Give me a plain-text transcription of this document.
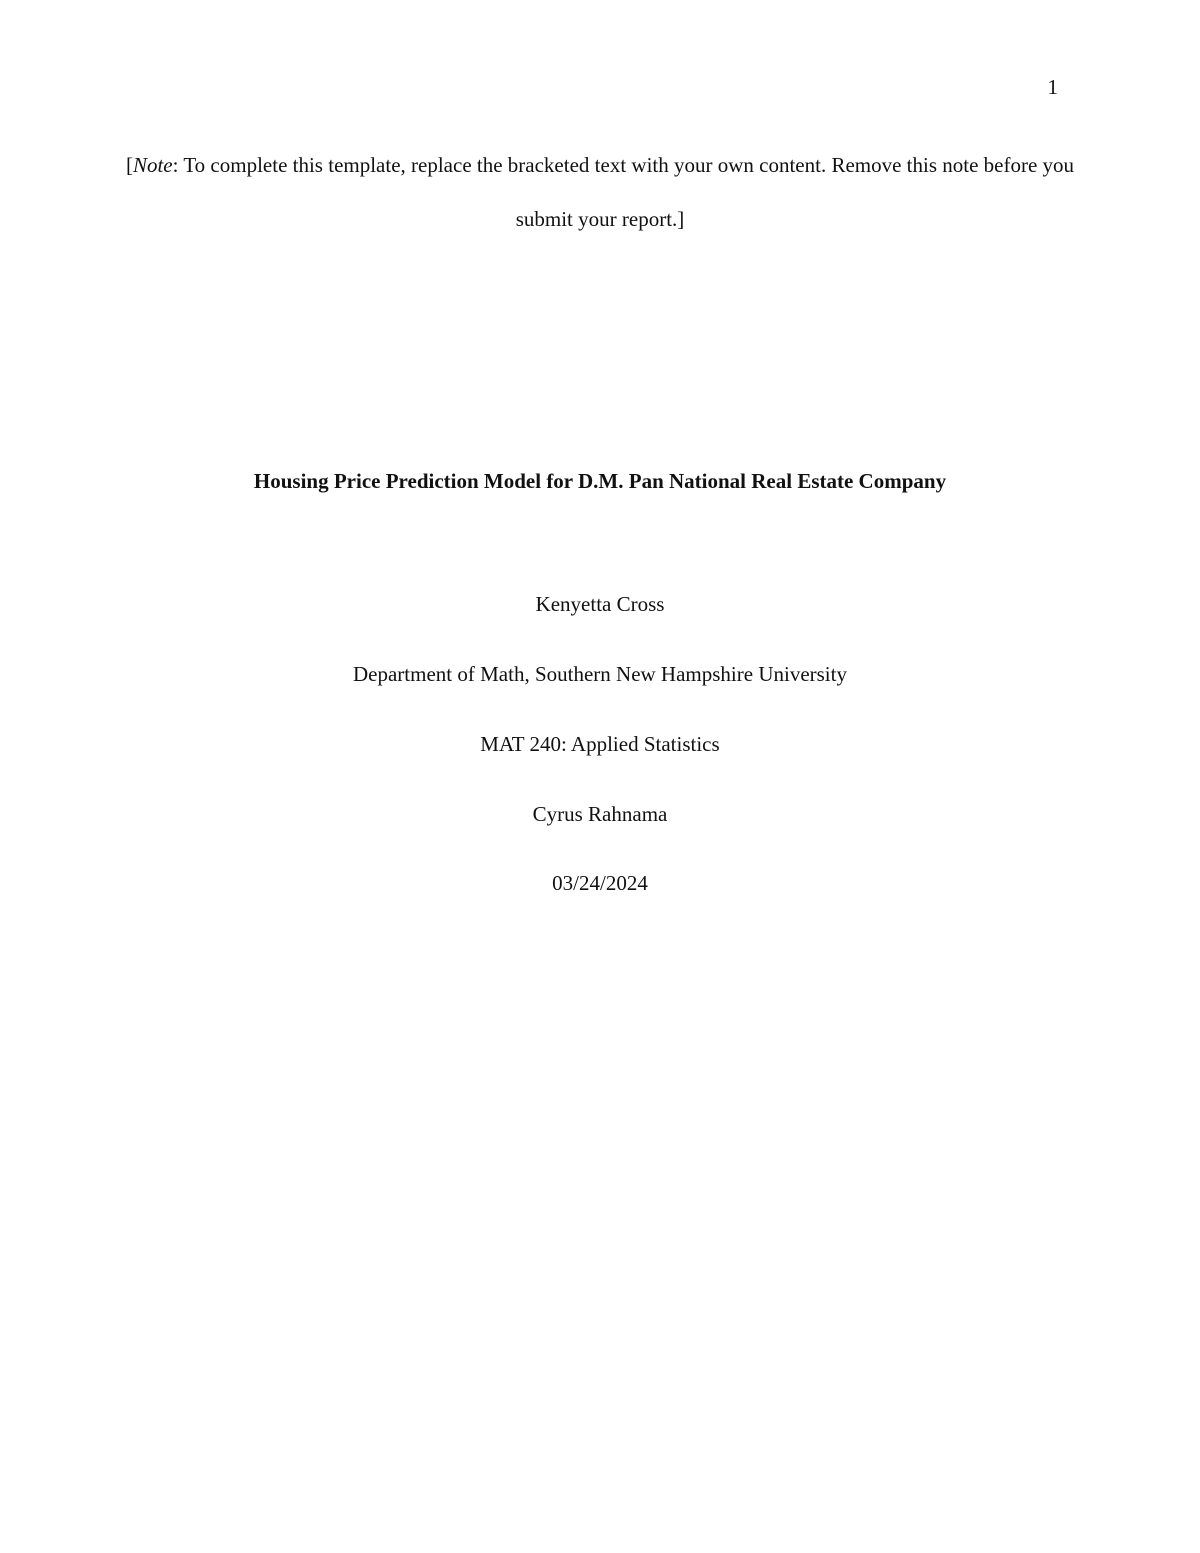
1
[Note: To complete this template, replace the bracketed text with your own content. Remove this note before you submit your report.]
Housing Price Prediction Model for D.M. Pan National Real Estate Company
Kenyetta Cross
Department of Math, Southern New Hampshire University
MAT 240: Applied Statistics
Cyrus Rahnama
03/24/2024
